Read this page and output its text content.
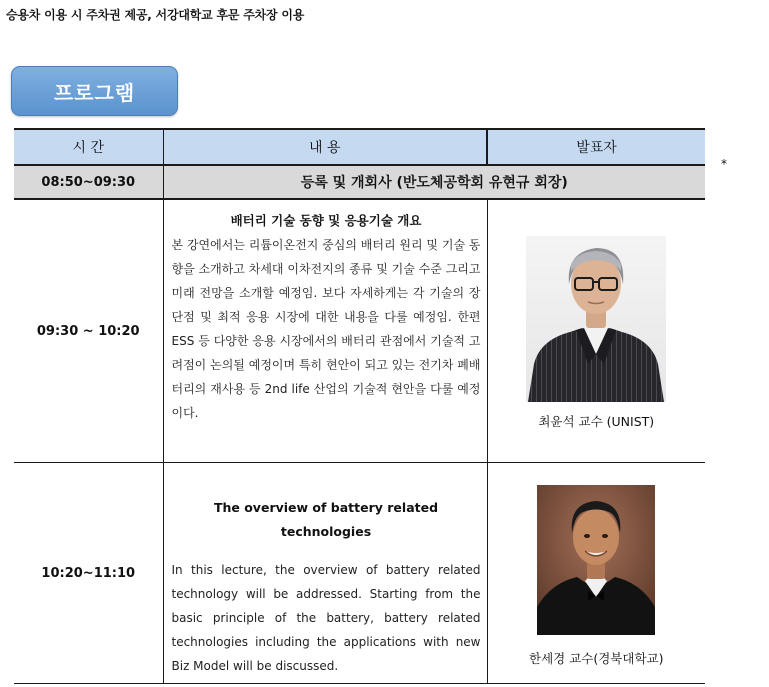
승용차 이용 시 주차권 제공, 서강대학교 후문 주차장 이용
프로그램
*
시 간	내 용	발표자
08:50~09:30	등록 및 개회사 (반도체공학회 유현규 회장)	
09:30 ~ 10:20	배터리 기술 동향 및 응용기술 개요
본 강연에서는 리튬이온전지 중심의 배터리 원리 및 기술 동향을 소개하고 차세대 이차전지의 종류 및 기술 수준 그리고 미래 전망을 소개할 예정임. 보다 자세하게는 각 기술의 장단점 및 최적 응용 시장에 대한 내용을 다룰 예정임. 한편 ESS 등 다양한 응용 시장에서의 배터리 관점에서 기술적 고려점이 논의될 예정이며 특히 현안이 되고 있는 전기차 폐배터리의 재사용 등 2nd life 산업의 기술적 현안을 다룰 예정이다.	최윤석 교수 (UNIST)

10:20~11:10	The overview of battery related technologies
In this lecture, the overview of battery related technology will be addressed. Starting from the basic principle of the battery, battery related technologies including the applications with new Biz Model will be discussed.	한세경 교수(경북대학교)
